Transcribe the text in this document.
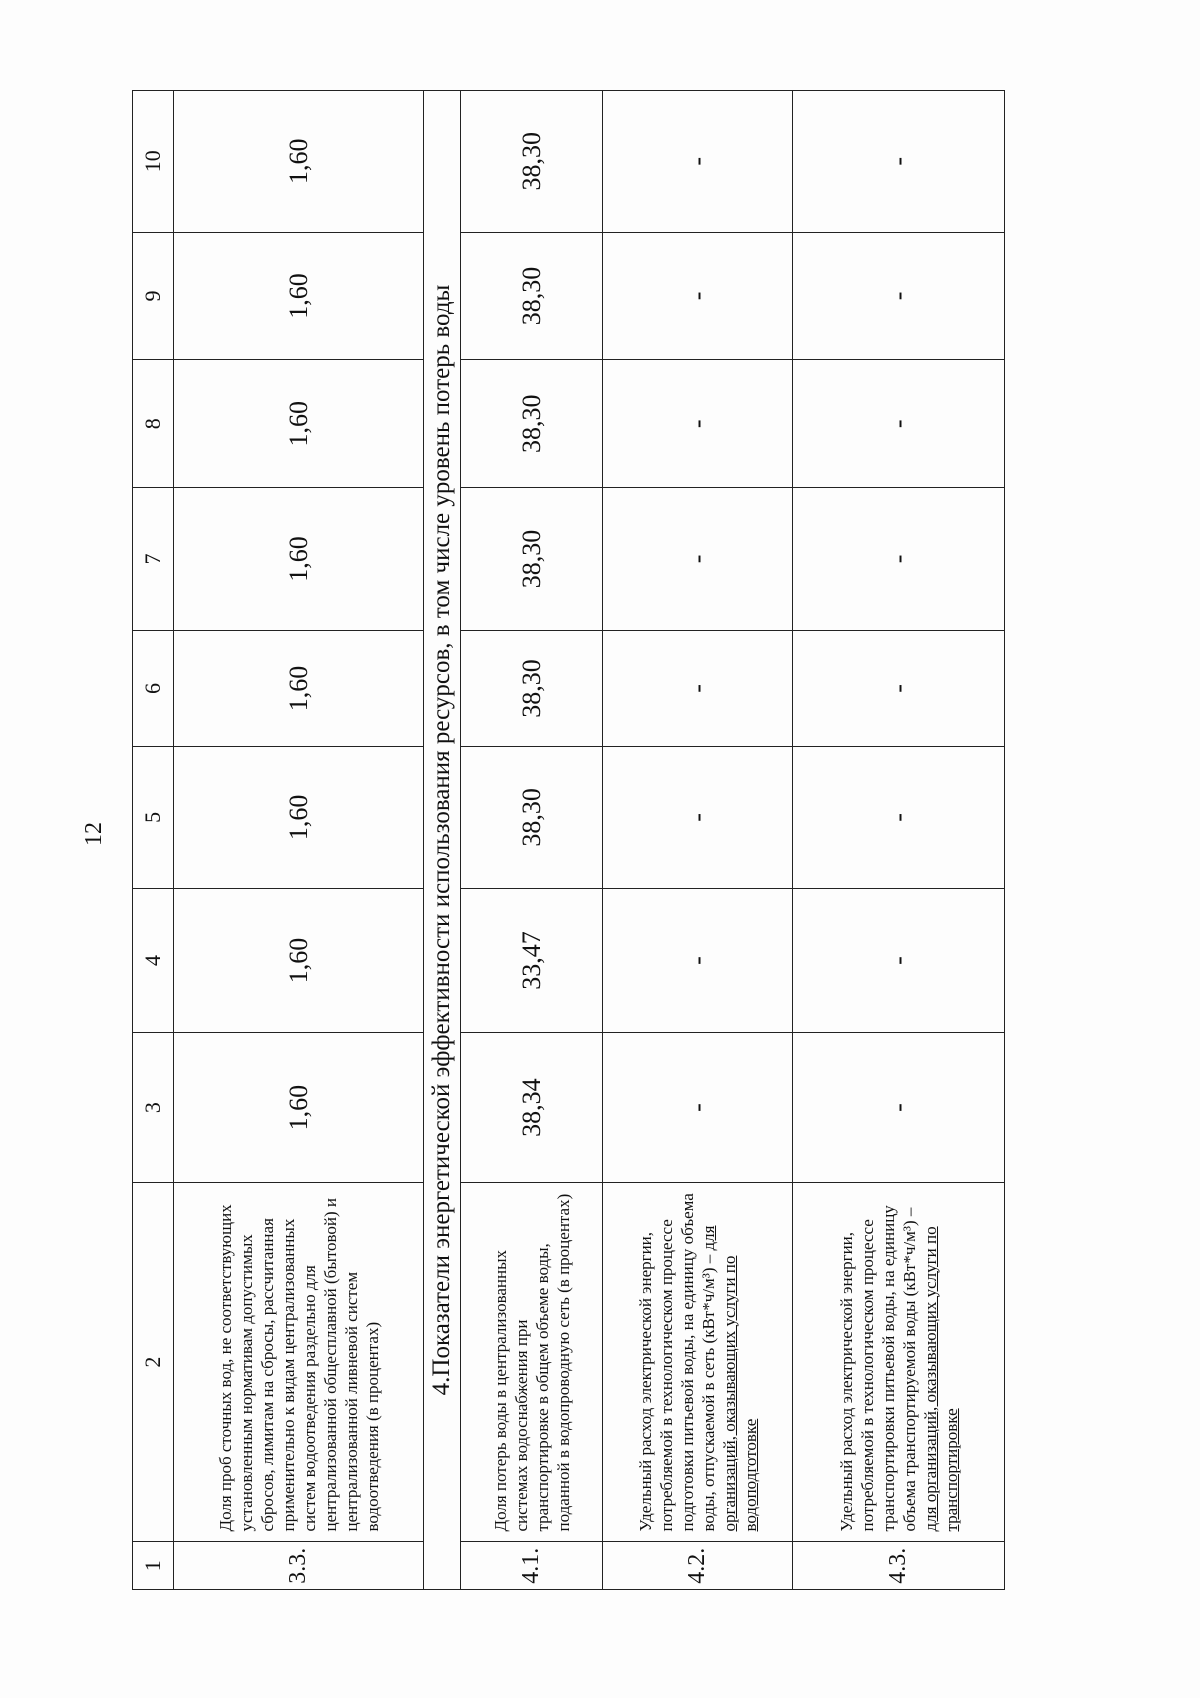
12
1	2	3	4	5	6	7	8	9	10
3.3.	Доля проб сточных вод, не соответствующих установленным нормативам допустимых сбросов, лимитам на сбросы, рассчитанная применительно к видам централизованных систем водоотведения раздельно для централизованной общесплавной (бытовой) и централизованной ливневой систем водоотведения (в процентах)	1,60	1,60	1,60	1,60	1,60	1,60	1,60	1,60
4.Показатели энергетической эффективности использования ресурсов, в том числе уровень потерь воды									
4.1.	Доля потерь воды в централизованных системах водоснабжения при транспортировке в общем объеме воды, поданной в водопроводную сеть (в процентах)	38,34	33,47	38,30	38,30	38,30	38,30	38,30	38,30
4.2.	Удельный расход электрической энергии, потребляемой в технологическом процессе подготовки питьевой воды, на единицу объема воды, отпускаемой в сеть (кВт*ч/м³) – для организаций, оказывающих услуги по водоподготовке	-	-	-	-	-	-	-	-
4.3.	Удельный расход электрической энергии, потребляемой в технологическом процессе транспортировки питьевой воды, на единицу объема транспортируемой воды (кВт*ч/м³) – для организаций, оказывающих услуги по транспортировке	-	-	-	-	-	-	-	-
